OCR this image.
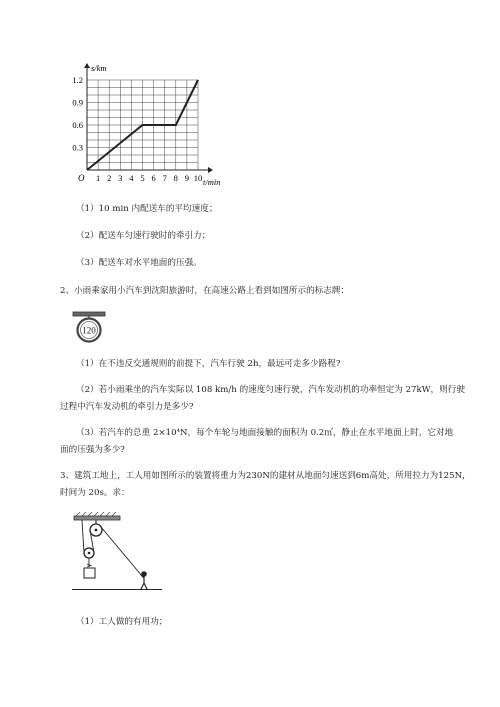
1 2 3 4 5 6 7 8 9 10
0.3
0.6
0.9
1.2
s/km
t/min
O
（1）10 min 内配送车的平均速度；
（2）配送车匀速行驶时的牵引力；
（3）配送车对水平地面的压强。
2、小雨乘家用小汽车到沈阳旅游时，在高速公路上看到如图所示的标志牌：
120
（1）在不违反交通规则的前提下，汽车行驶 2h，最远可走多少路程?
（2）若小雨乘坐的汽车实际以 108 km/h 的速度匀速行驶，汽车发动机的功率恒定为 27kW，则行驶
过程中汽车发动机的牵引力是多少?
（3）若汽车的总重 2×10⁴N，每个车轮与地面接触的面积为 0.2㎡，静止在水平地面上时，它对地
面的压强为多少?
3、建筑工地上，工人用如图所示的装置将重力为230N的建材从地面匀速送到6m高处，所用拉力为125N，
时间为 20s。求：
（1）工人做的有用功；
